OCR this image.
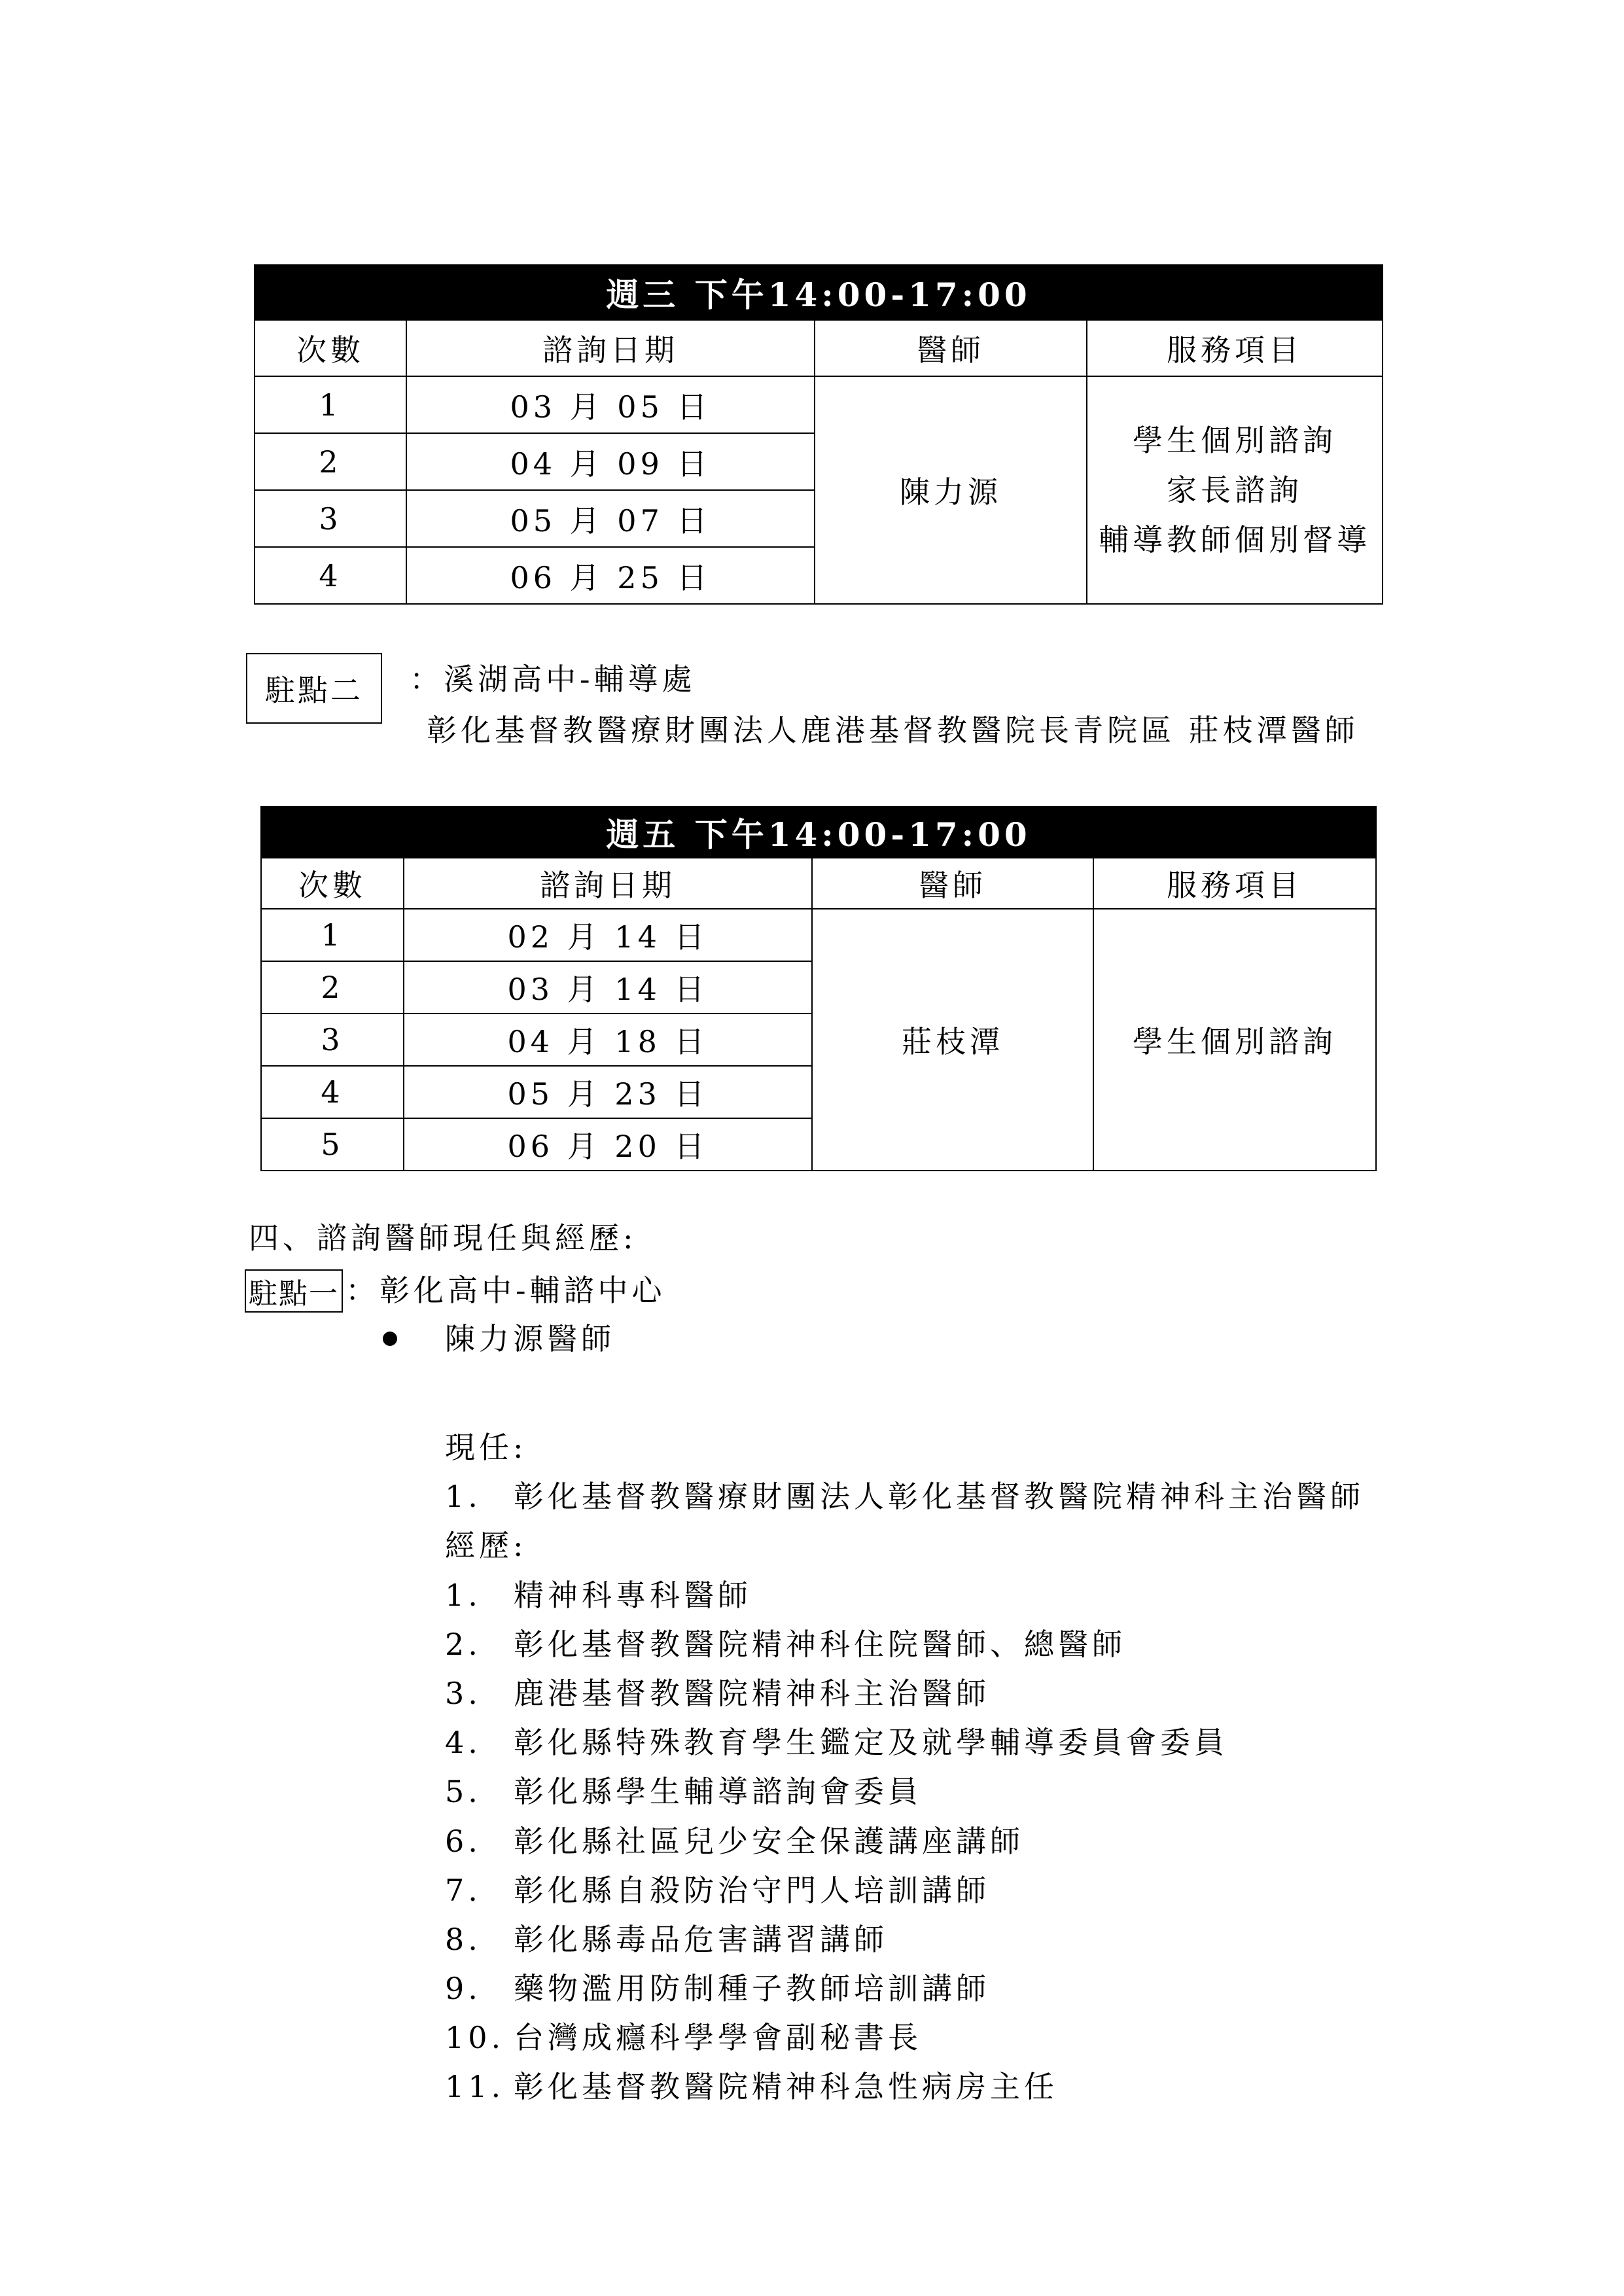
週三 下午14:00-17:00			
次數	諮詢日期	醫師	服務項目
1	03 月 05 日	陳力源	學生個別諮詢
家長諮詢
輔導教師個別督導

2	04 月 09 日		
3	05 月 07 日		
4	06 月 25 日		
駐點二	：溪湖高中-輔導處
彰化基督教醫療財團法人鹿港基督教醫院長青院區 莊枝潭醫師
週五 下午14:00-17:00			
次數	諮詢日期	醫師	服務項目
1	02 月 14 日	莊枝潭	學生個別諮詢
2	03 月 14 日		
3	04 月 18 日		
4	05 月 23 日		
5	06 月 20 日		
四、諮詢醫師現任與經歷:
駐點一 ：彰化高中-輔諮中心
陳力源醫師
現任:
1. 彰化基督教醫療財團法人彰化基督教醫院精神科主治醫師
經歷:
1. 精神科專科醫師
2. 彰化基督教醫院精神科住院醫師、總醫師
3. 鹿港基督教醫院精神科主治醫師
4. 彰化縣特殊教育學生鑑定及就學輔導委員會委員
5. 彰化縣學生輔導諮詢會委員
6. 彰化縣社區兒少安全保護講座講師
7. 彰化縣自殺防治守門人培訓講師
8. 彰化縣毒品危害講習講師
9. 藥物濫用防制種子教師培訓講師
10. 台灣成癮科學學會副秘書長
11. 彰化基督教醫院精神科急性病房主任
